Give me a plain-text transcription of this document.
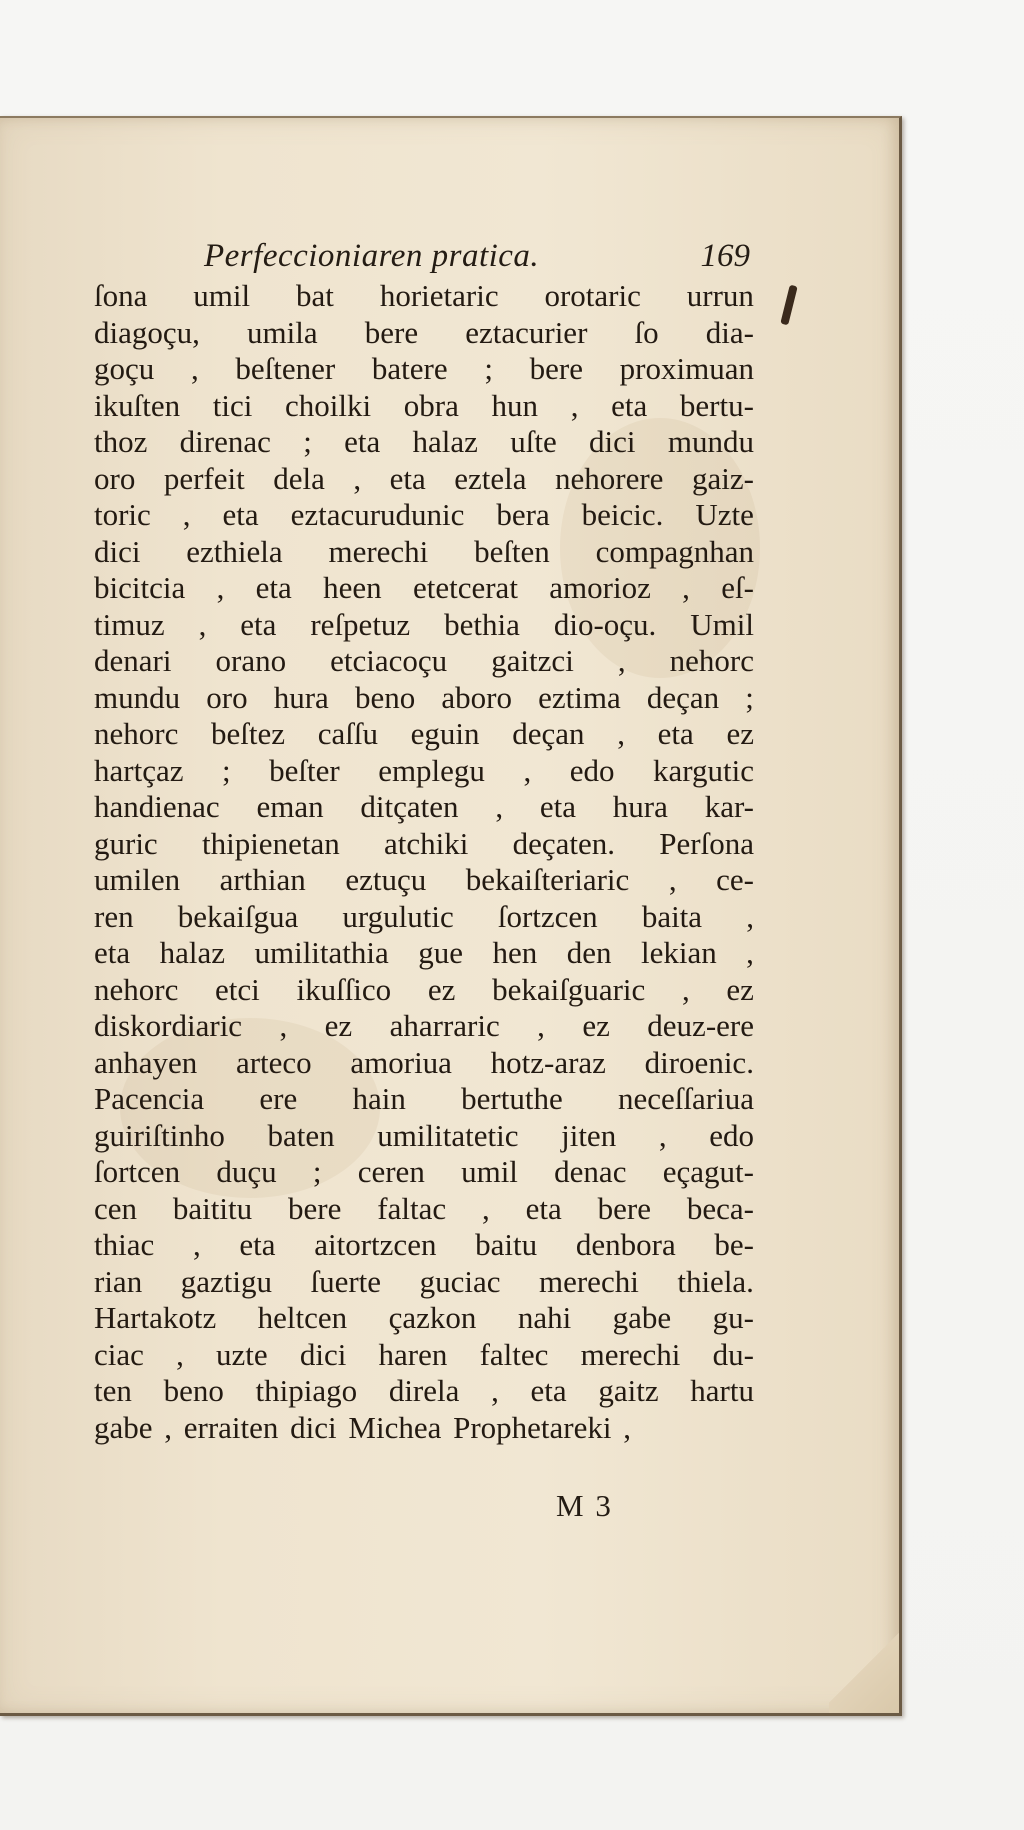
Perfeccioniaren pratica.	169
ſona umil bat horietaric orotaric urrun
diagoçu, umila bere eztacurier ſo dia-
goçu , beſtener batere ; bere proximuan
ikuſten tici choilki obra hun , eta bertu-
thoz direnac ; eta halaz uſte dici mundu
oro perfeit dela , eta eztela nehorere gaiz-
toric , eta eztacurudunic bera beicic. Uzte
dici ezthiela merechi beſten compagnhan
bicitcia , eta heen etetcerat amorioz , eſ-
timuz , eta reſpetuz bethia dio-oçu. Umil
denari orano etciacoçu gaitzci , nehorc
mundu oro hura beno aboro eztima deçan ;
nehorc beſtez caſſu eguin deçan , eta ez
hartçaz ; beſter emplegu , edo kargutic
handienac eman ditçaten , eta hura kar-
guric thipienetan atchiki deçaten. Perſona
umilen arthian eztuçu bekaiſteriaric , ce-
ren bekaiſgua urgulutic ſortzcen baita ,
eta halaz umilitathia gue hen den lekian ,
nehorc etci ikuſſico ez bekaiſguaric , ez
diskordiaric , ez aharraric , ez deuz-ere
anhayen arteco amoriua hotz-araz diroenic.
Pacencia ere hain bertuthe neceſſariua
guiriſtinho baten umilitatetic jiten , edo
ſortcen duçu ; ceren umil denac eçagut-
cen baititu bere faltac , eta bere beca-
thiac , eta aitortzcen baitu denbora be-
rian gaztigu ſuerte guciac merechi thiela.
Hartakotz heltcen çazkon nahi gabe gu-
ciac , uzte dici haren faltec merechi du-
ten beno thipiago direla , eta gaitz hartu
gabe , erraiten dici Michea Prophetareki ,
M 3
